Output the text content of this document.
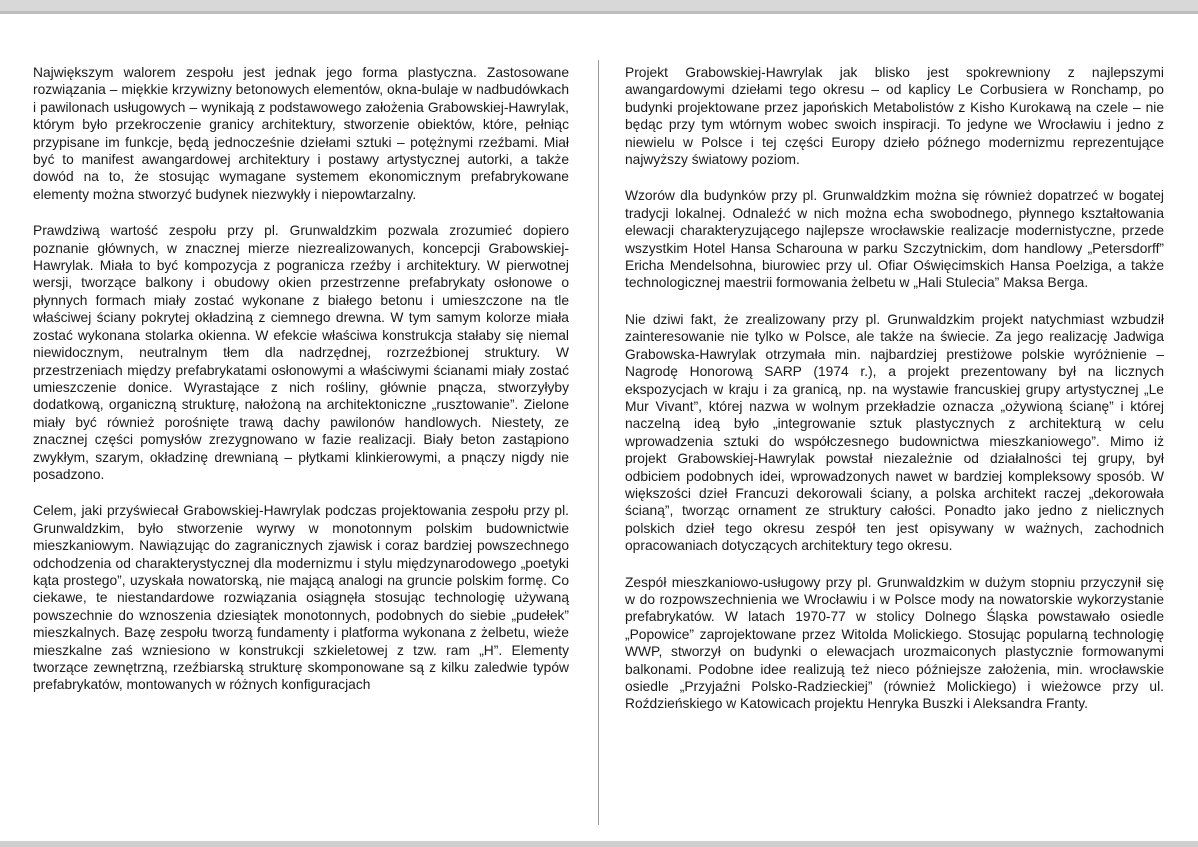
Największym walorem zespołu jest jednak jego forma plastyczna. Zastosowane rozwiązania – miękkie krzywizny betonowych elementów, okna-bulaje w nadbudówkach i pawilonach usługowych – wynikają z podstawowego założenia Grabowskiej-Hawrylak, którym było przekroczenie granicy architektury, stworzenie obiektów, które, pełniąc przypisane im funkcje, będą jednocześnie dziełami sztuki – potężnymi rzeźbami. Miał być to manifest awangardowej architektury i postawy artystycznej autorki, a także dowód na to, że stosując wymagane systemem ekonomicznym prefabrykowane elementy można stworzyć budynek niezwykły i niepowtarzalny.

Prawdziwą wartość zespołu przy pl. Grunwaldzkim pozwala zrozumieć dopiero poznanie głównych, w znacznej mierze niezrealizowanych, koncepcji Grabowskiej-Hawrylak. Miała to być kompozycja z pogranicza rzeźby i architektury. W pierwotnej wersji, tworzące balkony i obudowy okien przestrzenne prefabrykaty osłonowe o płynnych formach miały zostać wykonane z białego betonu i umieszczone na tle właściwej ściany pokrytej okładziną z ciemnego drewna. W tym samym kolorze miała zostać wykonana stolarka okienna. W efekcie właściwa konstrukcja stałaby się niemal niewidocznym, neutralnym tłem dla nadrzędnej, rozrzeźbionej struktury. W przestrzeniach między prefabrykatami osłonowymi a właściwymi ścianami miały zostać umieszczenie donice. Wyrastające z nich rośliny, głównie pnącza, stworzyłyby dodatkową, organiczną strukturę, nałożoną na architektoniczne „rusztowanie”. Zielone miały być również porośnięte trawą dachy pawilonów handlowych. Niestety, ze znacznej części pomysłów zrezygnowano w fazie realizacji. Biały beton zastąpiono zwykłym, szarym, okładzinę drewnianą – płytkami klinkierowymi, a pnączy nigdy nie posadzono.

Celem, jaki przyświecał Grabowskiej-Hawrylak podczas projektowania zespołu przy pl. Grunwaldzkim, było stworzenie wyrwy w monotonnym polskim budownictwie mieszkaniowym. Nawiązując do zagranicznych zjawisk i coraz bardziej powszechnego odchodzenia od charakterystycznej dla modernizmu i stylu międzynarodowego „poetyki kąta prostego”, uzyskała nowatorską, nie mającą analogi na gruncie polskim formę. Co ciekawe, te niestandardowe rozwiązania osiągnęła stosując technologię używaną powszechnie do wznoszenia dziesiątek monotonnych, podobnych do siebie „pudełek” mieszkalnych. Bazę zespołu tworzą fundamenty i platforma wykonana z żelbetu, wieże mieszkalne zaś wzniesiono w konstrukcji szkieletowej z tzw. ram „H”. Elementy tworzące zewnętrzną, rzeźbiarską strukturę skomponowane są z kilku zaledwie typów prefabrykatów, montowanych w różnych konfiguracjach

Projekt Grabowskiej-Hawrylak jak blisko jest spokrewniony z najlepszymi awangardowymi dziełami tego okresu – od kaplicy Le Corbusiera w Ronchamp, po budynki projektowane przez japońskich Metabolistów z Kisho Kurokawą na czele – nie będąc przy tym wtórnym wobec swoich inspiracji. To jedyne we Wrocławiu i jedno z niewielu w Polsce i tej części Europy dzieło późnego modernizmu reprezentujące najwyższy światowy poziom.

Wzorów dla budynków przy pl. Grunwaldzkim można się również dopatrzeć w bogatej tradycji lokalnej. Odnaleźć w nich można echa swobodnego, płynnego kształtowania elewacji charakteryzującego najlepsze wrocławskie realizacje modernistyczne, przede wszystkim Hotel Hansa Scharouna w parku Szczytnickim, dom handlowy „Petersdorff” Ericha Mendelsohna, biurowiec przy ul. Ofiar Oświęcimskich Hansa Poelziga, a także technologicznej maestrii formowania żelbetu w „Hali Stulecia” Maksa Berga.

Nie dziwi fakt, że zrealizowany przy pl. Grunwaldzkim projekt natychmiast wzbudził zainteresowanie nie tylko w Polsce, ale także na świecie. Za jego realizację Jadwiga Grabowska-Hawrylak otrzymała min. najbardziej prestiżowe polskie wyróżnienie – Nagrodę Honorową SARP (1974 r.), a projekt prezentowany był na licznych ekspozycjach w kraju i za granicą, np. na wystawie francuskiej grupy artystycznej „Le Mur Vivant”, której nazwa w wolnym przekładzie oznacza „ożywioną ścianę” i której naczelną ideą było „integrowanie sztuk plastycznych z architekturą w celu wprowadzenia sztuki do współczesnego budownictwa mieszkaniowego”. Mimo iż projekt Grabowskiej-Hawrylak powstał niezależnie od działalności tej grupy, był odbiciem podobnych idei, wprowadzonych nawet w bardziej kompleksowy sposób. W większości dzieł Francuzi dekorowali ściany, a polska architekt raczej „dekorowała ścianą”, tworząc ornament ze struktury całości. Ponadto jako jedno z nielicznych polskich dzieł tego okresu zespół ten jest opisywany w ważnych, zachodnich opracowaniach dotyczących architektury tego okresu.

Zespół mieszkaniowo-usługowy przy pl. Grunwaldzkim w dużym stopniu przyczynił się w do rozpowszechnienia we Wrocławiu i w Polsce mody na nowatorskie wykorzystanie prefabrykatów. W latach 1970-77 w stolicy Dolnego Śląska powstawało osiedle „Popowice” zaprojektowane przez Witolda Molickiego. Stosując popularną technologię WWP, stworzył on budynki o elewacjach urozmaiconych plastycznie formowanymi balkonami. Podobne idee realizują też nieco późniejsze założenia, min. wrocławskie osiedle „Przyjaźni Polsko-Radzieckiej” (również Molickiego) i wieżowce przy ul. Roździeńskiego w Katowicach projektu Henryka Buszki i Aleksandra Franty.
